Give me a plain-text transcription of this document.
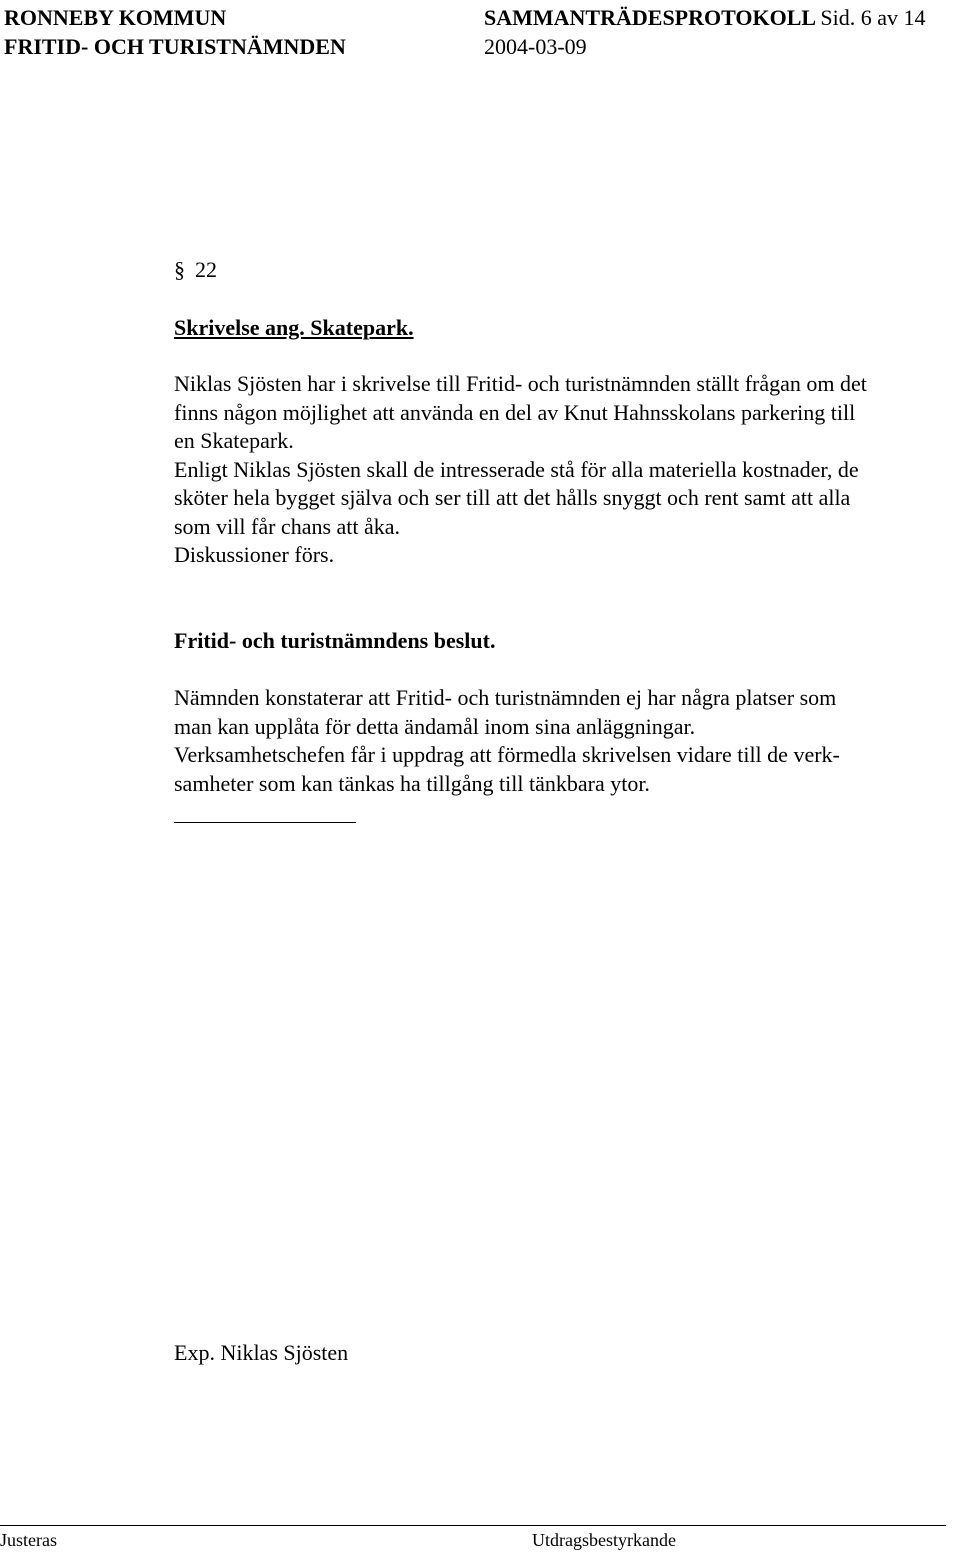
RONNEBY KOMMUN	SAMMANTRÄDESPROTOKOLL Sid. 6 av 14
FRITID- OCH TURISTNÄMNDEN	2004-03-09
§ 22
Skrivelse ang. Skatepark.
Niklas Sjösten har i skrivelse till Fritid- och turistnämnden ställt frågan om det
finns någon möjlighet att använda en del av Knut Hahnsskolans parkering till
en Skatepark.
Enligt Niklas Sjösten skall de intresserade stå för alla materiella kostnader, de
sköter hela bygget själva och ser till att det hålls snyggt och rent samt att alla
som vill får chans att åka.
Diskussioner förs.
Fritid- och turistnämndens beslut.
Nämnden konstaterar att Fritid- och turistnämnden ej har några platser som
man kan upplåta för detta ändamål inom sina anläggningar.
Verksamhetschefen får i uppdrag att förmedla skrivelsen vidare till de verk-
samheter som kan tänkas ha tillgång till tänkbara ytor.
Exp. Niklas Sjösten
Justeras	Utdragsbestyrkande
